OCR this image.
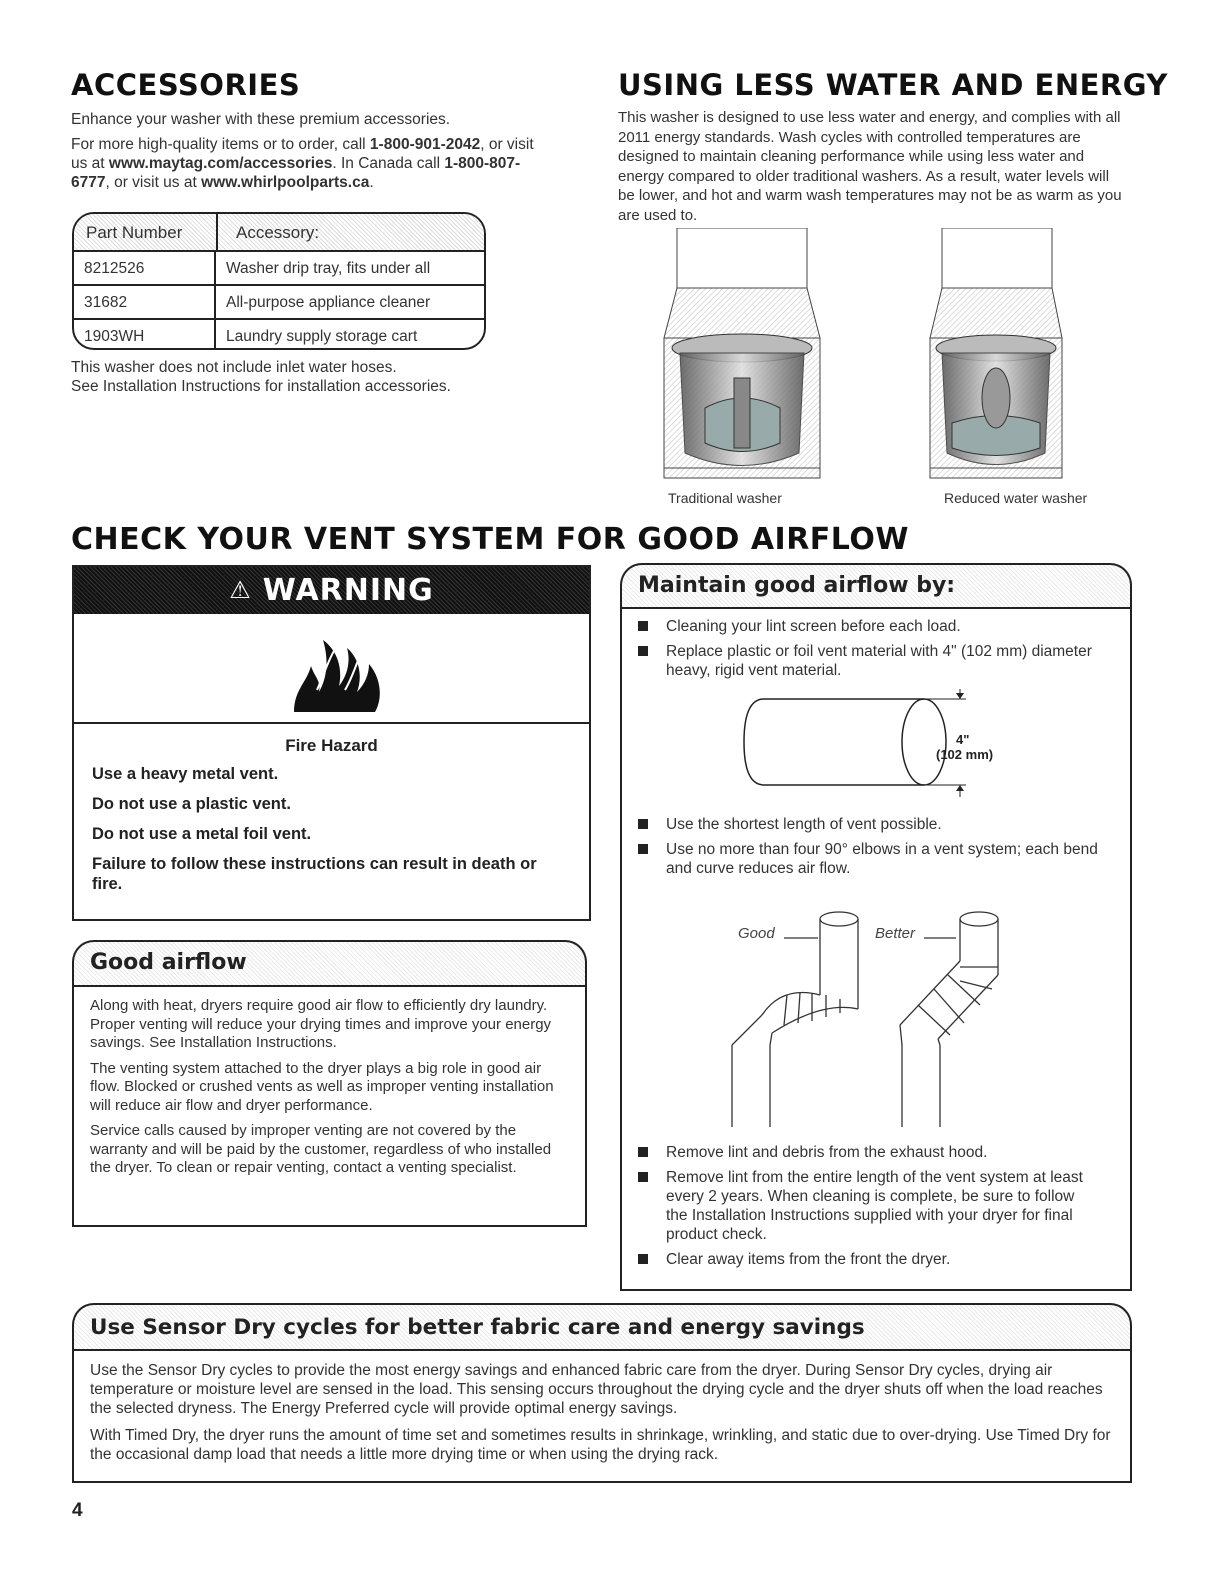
ACCESSORIES

Enhance your washer with these premium accessories.

For more high-quality items or to order, call 1-800-901-2042, or visit us at www.maytag.com/accessories. In Canada call 1-800-807-6777, or visit us at www.whirlpoolparts.ca.

Part Number	Accessory:
8212526	Washer drip tray, fits under all
31682	All-purpose appliance cleaner
1903WH	Laundry supply storage cart

This washer does not include inlet water hoses.

See Installation Instructions for installation accessories.

USING LESS WATER AND ENERGY

This washer is designed to use less water and energy, and complies with all 2011 energy standards. Wash cycles with controlled temperatures are designed to maintain cleaning performance while using less water and energy compared to older traditional washers. As a result, water levels will be lower, and hot and warm wash temperatures may not be as warm as you are used to.

Traditional washer	Reduced water washer
CHECK YOUR VENT SYSTEM FOR GOOD AIRFLOW
⚠ WARNING

Fire Hazard

Use a heavy metal vent.

Do not use a plastic vent.

Do not use a metal foil vent.

Failure to follow these instructions can result in death or fire.

Good airflow

Along with heat, dryers require good air flow to efficiently dry laundry. Proper venting will reduce your drying times and improve your energy savings. See Installation Instructions.

The venting system attached to the dryer plays a big role in good air flow. Blocked or crushed vents as well as improper venting installation will reduce air flow and dryer performance.

Service calls caused by improper venting are not covered by the warranty and will be paid by the customer, regardless of who installed the dryer. To clean or repair venting, contact a venting specialist.

Maintain good airflow by:
Cleaning your lint screen before each load.
Replace plastic or foil vent material with 4" (102 mm) diameter heavy, rigid vent material.
4"
(102 mm)
Use the shortest length of vent possible.
Use no more than four 90° elbows in a vent system; each bend and curve reduces air flow.
Good	Better
Remove lint and debris from the exhaust hood.
Remove lint from the entire length of the vent system at least every 2 years. When cleaning is complete, be sure to follow the Installation Instructions supplied with your dryer for final product check.
Clear away items from the front the dryer.
Use Sensor Dry cycles for better fabric care and energy savings

Use the Sensor Dry cycles to provide the most energy savings and enhanced fabric care from the dryer. During Sensor Dry cycles, drying air temperature or moisture level are sensed in the load. This sensing occurs throughout the drying cycle and the dryer shuts off when the load reaches the selected dryness. The Energy Preferred cycle will provide optimal energy savings.

With Timed Dry, the dryer runs the amount of time set and sometimes results in shrinkage, wrinkling, and static due to over-drying. Use Timed Dry for the occasional damp load that needs a little more drying time or when using the drying rack.

4
